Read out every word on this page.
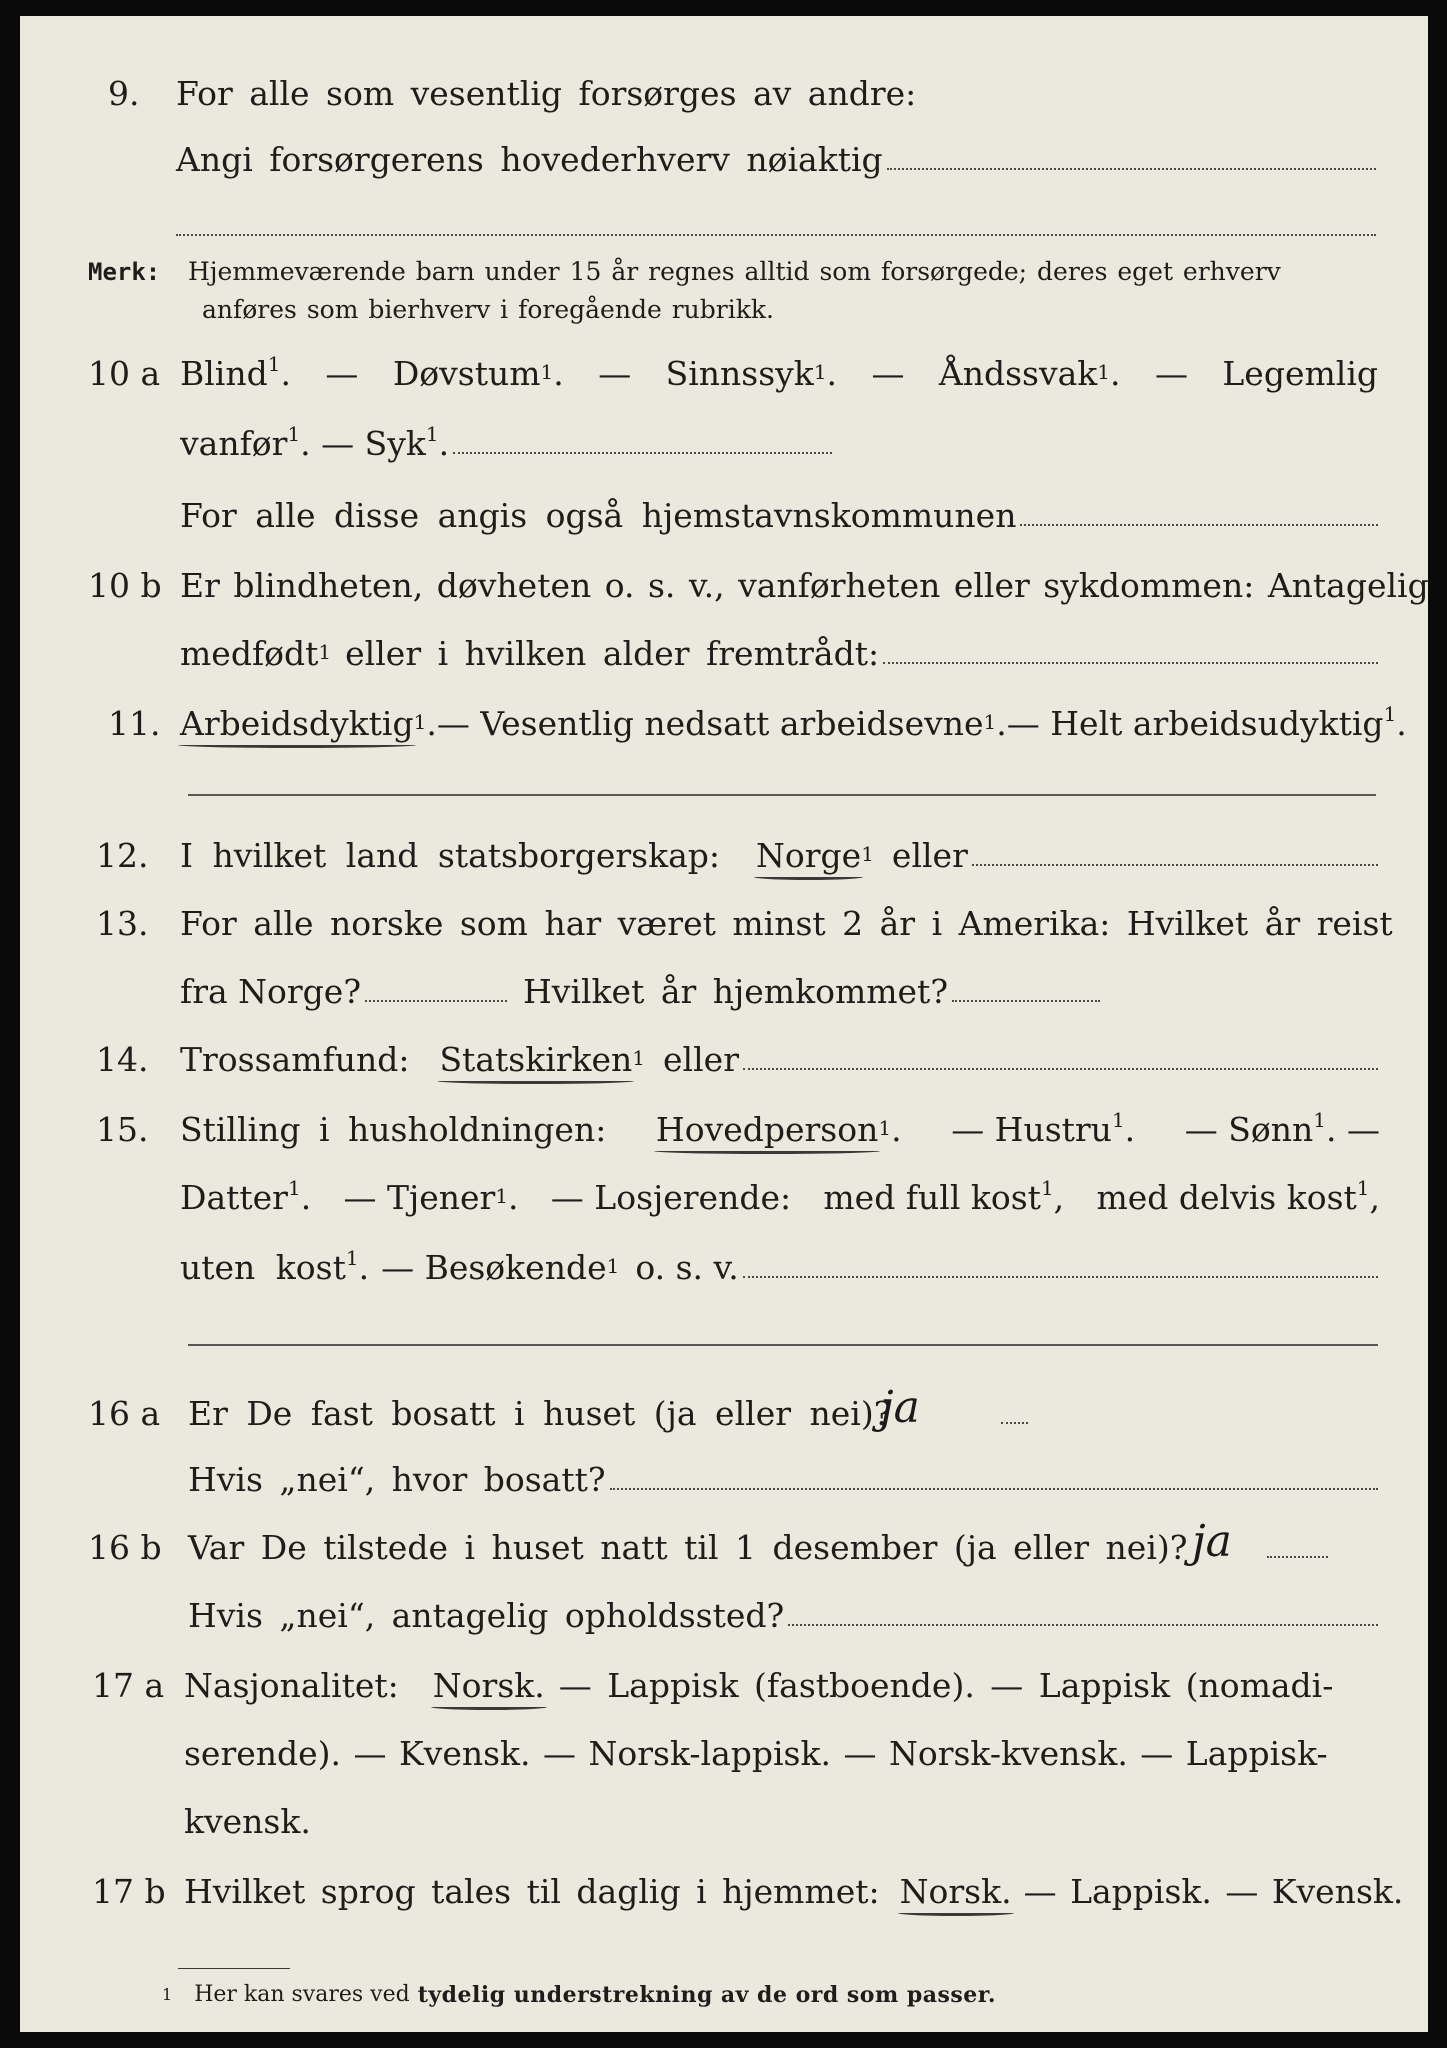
9. For alle som vesentlig forsørges av andre:
Angi forsørgerens hovederhverv nøiaktig
Merk: Hjemmeværende barn under 15 år regnes alltid som forsørgede; deres eget erhverv
anføres som bierhverv i foregående rubrikk.
10 a Blind$^1$. — Døvstum1. — Sinnssyk1. — Åndssvak1. — Legemlig
vanfør$^1$. — Syk$^1$.
For alle disse angis også hjemstavnskommunen
10 b Er blindheten, døvheten o. s. v., vanførheten eller sykdommen: Antagelig
medfødt1 eller i hvilken alder fremtrådt:
11. Arbeidsdyktig1. — Vesentlig nedsatt arbeidsevne1. — Helt arbeidsudyktig$^1$.
12. I hvilket land statsborgerskap: Norge1 eller
13. For alle norske som har været minst 2 år i Amerika: Hvilket år reist
fra Norge?	Hvilket år hjemkommet?
14. Trossamfund: Statskirken1 eller
15. Stilling i husholdningen: Hovedperson1. — Hustru$^1$. — Sønn$^1$. —
Datter$^1$. — Tjener1. — Losjerende: med full kost$^1$, med delvis kost$^1$,
uten kost$^1$. — Besøkende1 o. s. v.
16 a Er De fast bosatt i huset (ja eller nei)?
ja
Hvis „nei“, hvor bosatt?
16 b Var De tilstede i huset natt til 1 desember (ja eller nei)? ja
Hvis „nei“, antagelig opholdssted?
17 a Nasjonalitet: Norsk. — Lappisk (fastboende). — Lappisk (nomadi-
serende). — Kvensk. — Norsk-lappisk. — Norsk-kvensk. — Lappisk-
kvensk.
17 b Hvilket sprog tales til daglig i hjemmet: Norsk. — Lappisk. — Kvensk.
1 Her kan svares ved tydelig understrekning av de ord som passer.
